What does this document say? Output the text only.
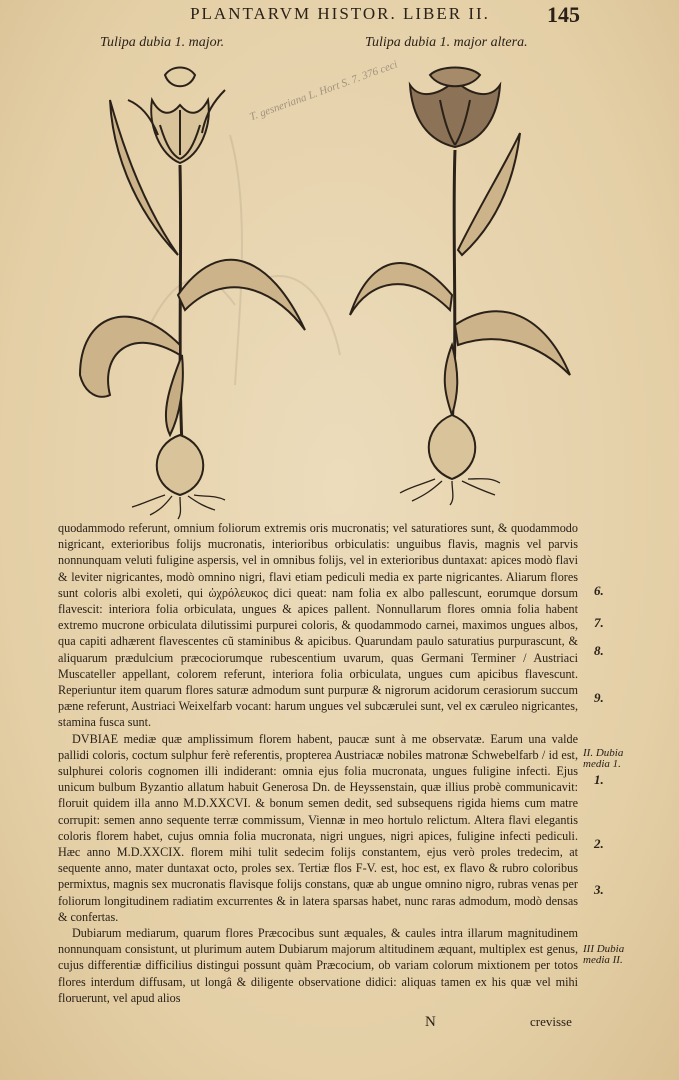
PLANTARVM HISTOR. LIBER II.	145
Tulipa dubia 1. major.	Tulipa dubia 1. major altera.
T. gesneriana L. Hort S. 7. 376 ceci

quodammodo referunt, omnium foliorum extremis oris mucronatis; vel saturatiores sunt, & quodammodo nigricant, exterioribus folijs mucronatis, interioribus orbiculatis: unguibus flavis, magnis vel parvis nonnunquam veluti fuligine aspersis, vel in omnibus folijs, vel in exterioribus duntaxat: apices modò flavi & leviter nigricantes, modò omnino nigri, flavi etiam pediculi media ex parte nigricantes. Aliarum flores sunt coloris albi exoleti, qui ὠχρόλευκος dici queat: nam folia ex albo pallescunt, eorumque dorsum flavescit: interiora folia orbiculata, ungues & apices pallent. Nonnullarum flores omnia folia habent extremo mucrone orbiculata dilutissimi purpurei coloris, & quodammodo carnei, maximos ungues albos, qua capiti adhærent flavescentes cũ staminibus & apicibus. Quarundam paulo saturatius purpurascunt, & aliquarum prædulcium præcociorumque rubescentium uvarum, quas Germani Terminer / Austriaci Muscateller appellant, colorem referunt, interiora folia orbiculata, ungues cum apicibus flavescunt. Reperiuntur item quarum flores saturæ admodum sunt purpuræ & nigrorum acidorum cerasiorum succum pæne referunt, Austriaci Weixelfarb vocant: harum ungues vel subcærulei sunt, vel ex cæruleo nigricantes, stamina fusca sunt.

DVBIAE mediæ quæ amplissimum florem habent, paucæ sunt à me observatæ. Earum una valde pallidi coloris, coctum sulphur ferè referentis, propterea Austriacæ nobiles matronæ Schwebelfarb / id est, sulphurei coloris cognomen illi indiderant: omnia ejus folia mucronata, ungues fuligine infecti. Ejus unicum bulbum Byzantio allatum habuit Generosa Dn. de Heyssenstain, quæ illius probè communicavit: floruit quidem illa anno M.D.XXCVI. & bonum semen dedit, sed subsequens rigida hiems cum matre corrupit: semen anno sequente terræ commissum, Viennæ in meo hortulo relictum. Altera flavi elegantis coloris florem habet, cujus omnia folia mucronata, nigri ungues, nigri apices, fuligine infecti pediculi. Hæc anno M.D.XXCIX. florem mihi tulit sedecim folijs constantem, ejus verò proles tredecim, at sequente anno, mater duntaxat octo, proles sex. Tertiæ flos F-V. est, hoc est, ex flavo & rubro coloribus permixtus, magnis sex mucronatis flavisque folijs constans, quæ ab ungue omnino nigro, rubras venas per foliorum longitudinem radiatim excurrentes & in latera sparsas habet, nunc raras admodum, modò densas & confertas.

Dubiarum mediarum, quarum flores Præcocibus sunt æquales, & caules intra illarum magnitudinem nonnunquam consistunt, ut plurimum autem Dubiarum majorum altitudinem æquant, multiplex est genus, cujus differentiæ difficilius distingui possunt quàm Præcocium, ob variam colorum mixtionem per totos flores interdum diffusam, ut longâ & diligente observatione didici: aliquas tamen ex his quæ vel mihi floruerunt, vel apud alios

6.
7.
8.
9.
II. Dubia media 1.
1.
2.
3.
III Dubia media II.
N	crevisse
